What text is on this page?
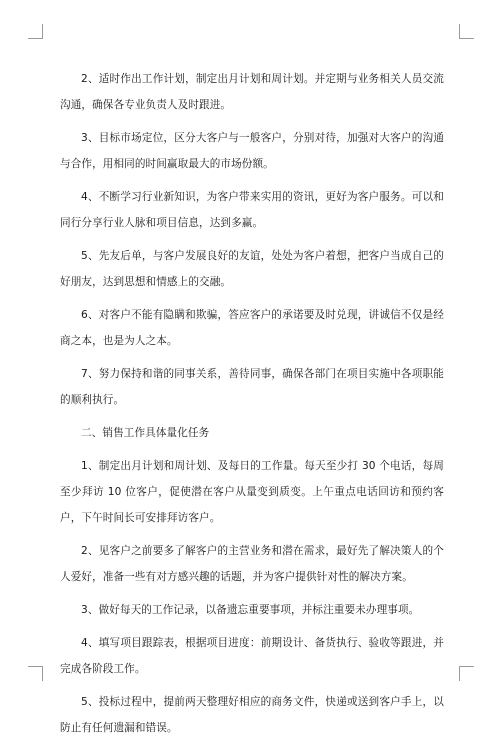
2、适时作出工作计划，制定出月计划和周计划。并定期与业务相关人员交流沟通，确保各专业负责人及时跟进。

3、目标市场定位，区分大客户与一般客户，分别对待，加强对大客户的沟通与合作，用相同的时间赢取最大的市场份额。

4、不断学习行业新知识，为客户带来实用的资讯，更好为客户服务。可以和同行分享行业人脉和项目信息，达到多赢。

5、先友后单，与客户发展良好的友谊，处处为客户着想，把客户当成自己的好朋友，达到思想和情感上的交融。

6、对客户不能有隐瞒和欺骗，答应客户的承诺要及时兑现，讲诚信不仅是经商之本，也是为人之本。

7、努力保持和谐的同事关系，善待同事，确保各部门在项目实施中各项职能的顺利执行。

二、销售工作具体量化任务

1、制定出月计划和周计划、及每日的工作量。每天至少打 30 个电话，每周至少拜访 10 位客户，促使潜在客户从量变到质变。上午重点电话回访和预约客户，下午时间长可安排拜访客户。

2、见客户之前要多了解客户的主营业务和潜在需求，最好先了解决策人的个人爱好，准备一些有对方感兴趣的话题，并为客户提供针对性的解决方案。

3、做好每天的工作记录，以备遗忘重要事项，并标注重要未办理事项。

4、填写项目跟踪表，根据项目进度：前期设计、备货执行、验收等跟进，并完成各阶段工作。

5、投标过程中，提前两天整理好相应的商务文件，快递或送到客户手上，以防止有任何遗漏和错误。
